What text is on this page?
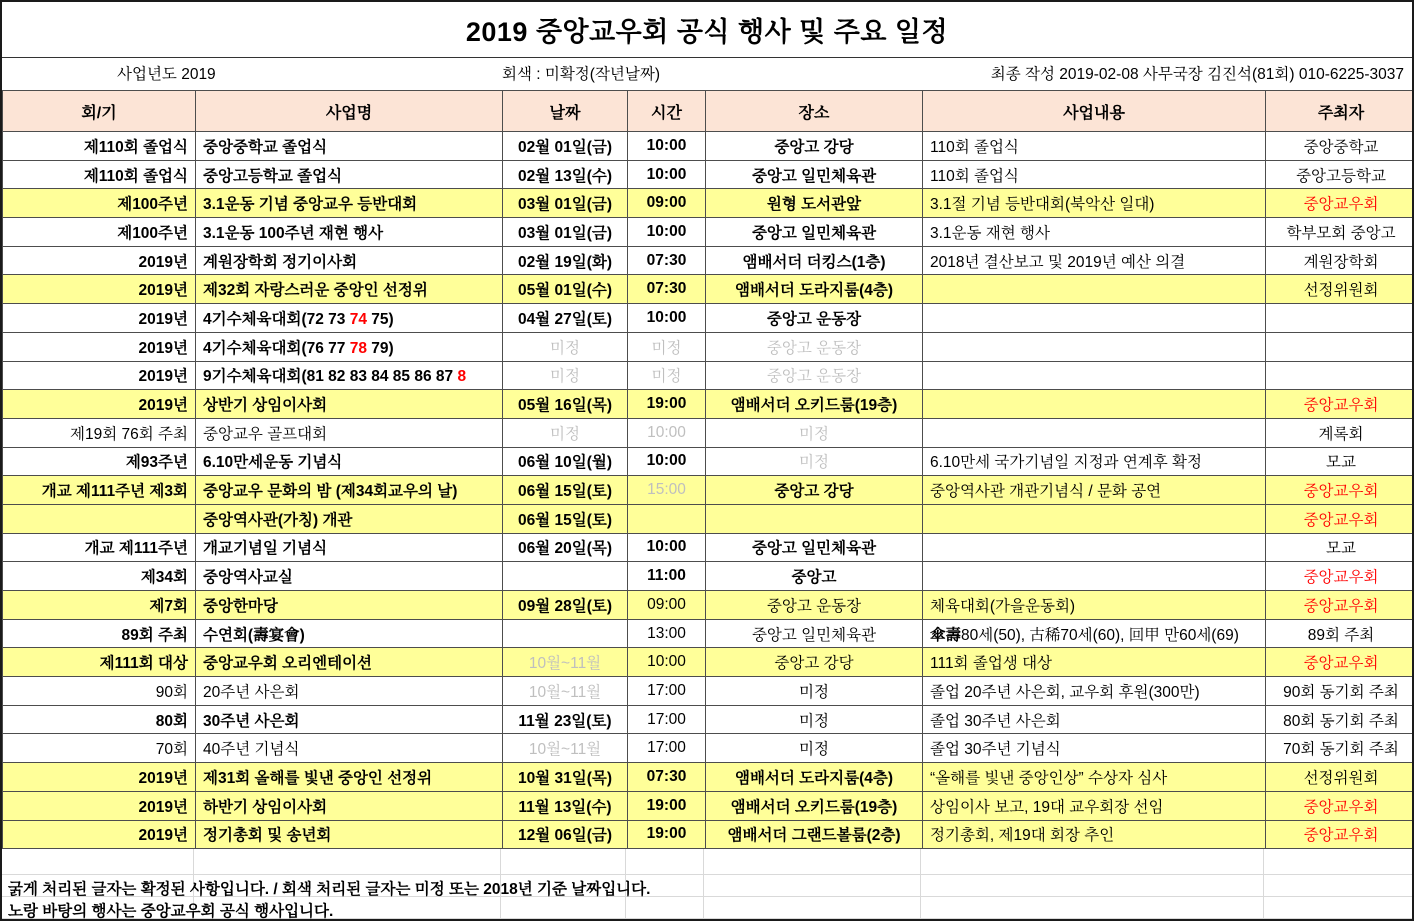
2019 중앙교우회 공식 행사 및 주요 일정
사업년도 2019	회색 : 미확정(작년날짜)	최종 작성 2019-02-08 사무국장 김진석(81회) 010-6225-3037
회/기	사업명	날짜	시간	장소	사업내용	주최자
제110회 졸업식	중앙중학교 졸업식	02월 01일(금)	10:00	중앙고 강당	110회 졸업식	중앙중학교
제110회 졸업식	중앙고등학교 졸업식	02월 13일(수)	10:00	중앙고 일민체육관	110회 졸업식	중앙고등학교
제100주년	3.1운동 기념 중앙교우 등반대회	03월 01일(금)	09:00	원형 도서관앞	3.1절 기념 등반대회(북악산 일대)	중앙교우회
제100주년	3.1운동 100주년 재현 행사	03월 01일(금)	10:00	중앙고 일민체육관	3.1운동 재현 행사	학부모회 중앙고
2019년	계원장학회 정기이사회	02월 19일(화)	07:30	앰배서더 더킹스(1층)	2018년 결산보고 및 2019년 예산 의결	계원장학회
2019년	제32회 자랑스러운 중앙인 선정위	05월 01일(수)	07:30	앰배서더 도라지룸(4층)		선정위원회
2019년	4기수체육대회(72 73 74 75)	04월 27일(토)	10:00	중앙고 운동장		
2019년	4기수체육대회(76 77 78 79)	미정	미정	중앙고 운동장		
2019년	9기수체육대회(81 82 83 84 85 86 87 8	미정	미정	중앙고 운동장		
2019년	상반기 상임이사회	05월 16일(목)	19:00	앰배서더 오키드룸(19층)		중앙교우회
제19회 76회 주최	중앙교우 골프대회	미정	10:00	미정		계록회
제93주년	6.10만세운동 기념식	06월 10일(월)	10:00	미정	6.10만세 국가기념일 지정과 연계후 확정	모교
개교 제111주년 제3회	중앙교우 문화의 밤 (제34회교우의 날)	06월 15일(토)	15:00	중앙고 강당	중앙역사관 개관기념식 / 문화 공연	중앙교우회
	중앙역사관(가칭) 개관	06월 15일(토)				중앙교우회
개교 제111주년	개교기념일 기념식	06월 20일(목)	10:00	중앙고 일민체육관		모교
제34회	중앙역사교실		11:00	중앙고		중앙교우회
제7회	중앙한마당	09월 28일(토)	09:00	중앙고 운동장	체육대회(가을운동회)	중앙교우회
89회 주최	수연회(壽宴會)		13:00	중앙고 일민체육관	傘壽80세(50), 古稀70세(60), 回甲 만60세(69)	89회 주최
제111회 대상	중앙교우회 오리엔테이션	10월~11월	10:00	중앙고 강당	111회 졸업생 대상	중앙교우회
90회	20주년 사은회	10월~11월	17:00	미정	졸업 20주년 사은회, 교우회 후원(300만)	90회 동기회 주최
80회	30주년 사은회	11월 23일(토)	17:00	미정	졸업 30주년 사은회	80회 동기회 주최
70회	40주년 기념식	10월~11월	17:00	미정	졸업 30주년 기념식	70회 동기회 주최
2019년	제31회 올해를 빛낸 중앙인 선정위	10월 31일(목)	07:30	앰배서더 도라지룸(4층)	“올해를 빛낸 중앙인상” 수상자 심사	선정위원회
2019년	하반기 상임이사회	11월 13일(수)	19:00	앰배서더 오키드룸(19층)	상임이사 보고, 19대 교우회장 선임	중앙교우회
2019년	정기총회 및 송년회	12월 06일(금)	19:00	앰배서더 그랜드볼룸(2층)	정기총회, 제19대 회장 추인	중앙교우회
굵게 처리된 글자는 확정된 사항입니다. / 회색 처리된 글자는 미정 또는 2018년 기준 날짜입니다.
노랑 바탕의 행사는 중앙교우회 공식 행사입니다.
